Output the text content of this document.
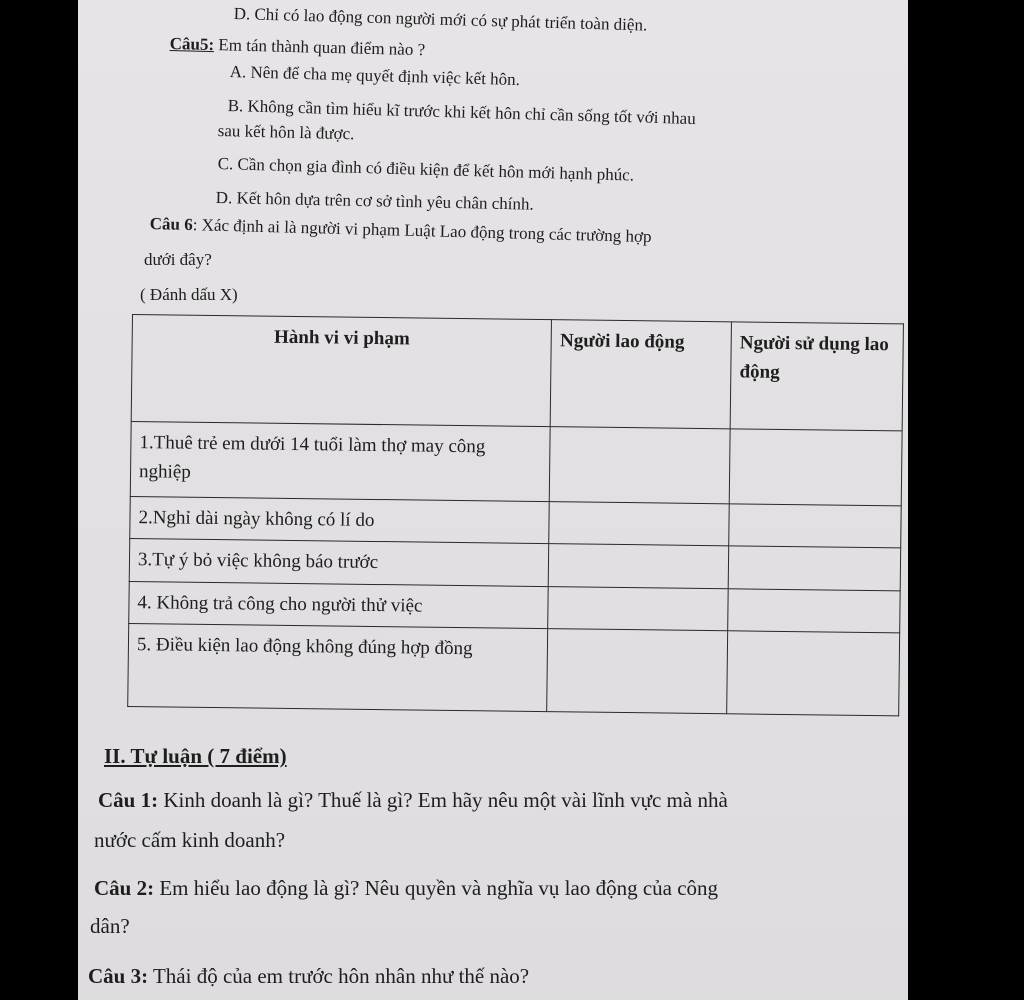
D. Chỉ có lao động con người mới có sự phát triển toàn diện.
Câu5: Em tán thành quan điểm nào ?
A. Nên để cha mẹ quyết định việc kết hôn.
B. Không cần tìm hiểu kĩ trước khi kết hôn chỉ cần sống tốt với nhau
sau kết hôn là được.
C. Cần chọn gia đình có điều kiện để kết hôn mới hạnh phúc.
D. Kết hôn dựa trên cơ sở tình yêu chân chính.
Câu 6: Xác định ai là người vi phạm Luật Lao động trong các trường hợp
dưới đây?
( Đánh dấu X)
Hành vi vi phạm	Người lao động	Người sử dụng lao động
1.Thuê trẻ em dưới 14 tuổi làm thợ may công nghiệp		
2.Nghỉ dài ngày không có lí do		
3.Tự ý bỏ việc không báo trước		
4. Không trả công cho người thử việc		
5. Điều kiện lao động không đúng hợp đồng		
II. Tự luận ( 7 điểm)
Câu 1: Kinh doanh là gì? Thuế là gì? Em hãy nêu một vài lĩnh vực mà nhà
nước cấm kinh doanh?
Câu 2: Em hiểu lao động là gì? Nêu quyền và nghĩa vụ lao động của công
dân?
Câu 3: Thái độ của em trước hôn nhân như thế nào?
